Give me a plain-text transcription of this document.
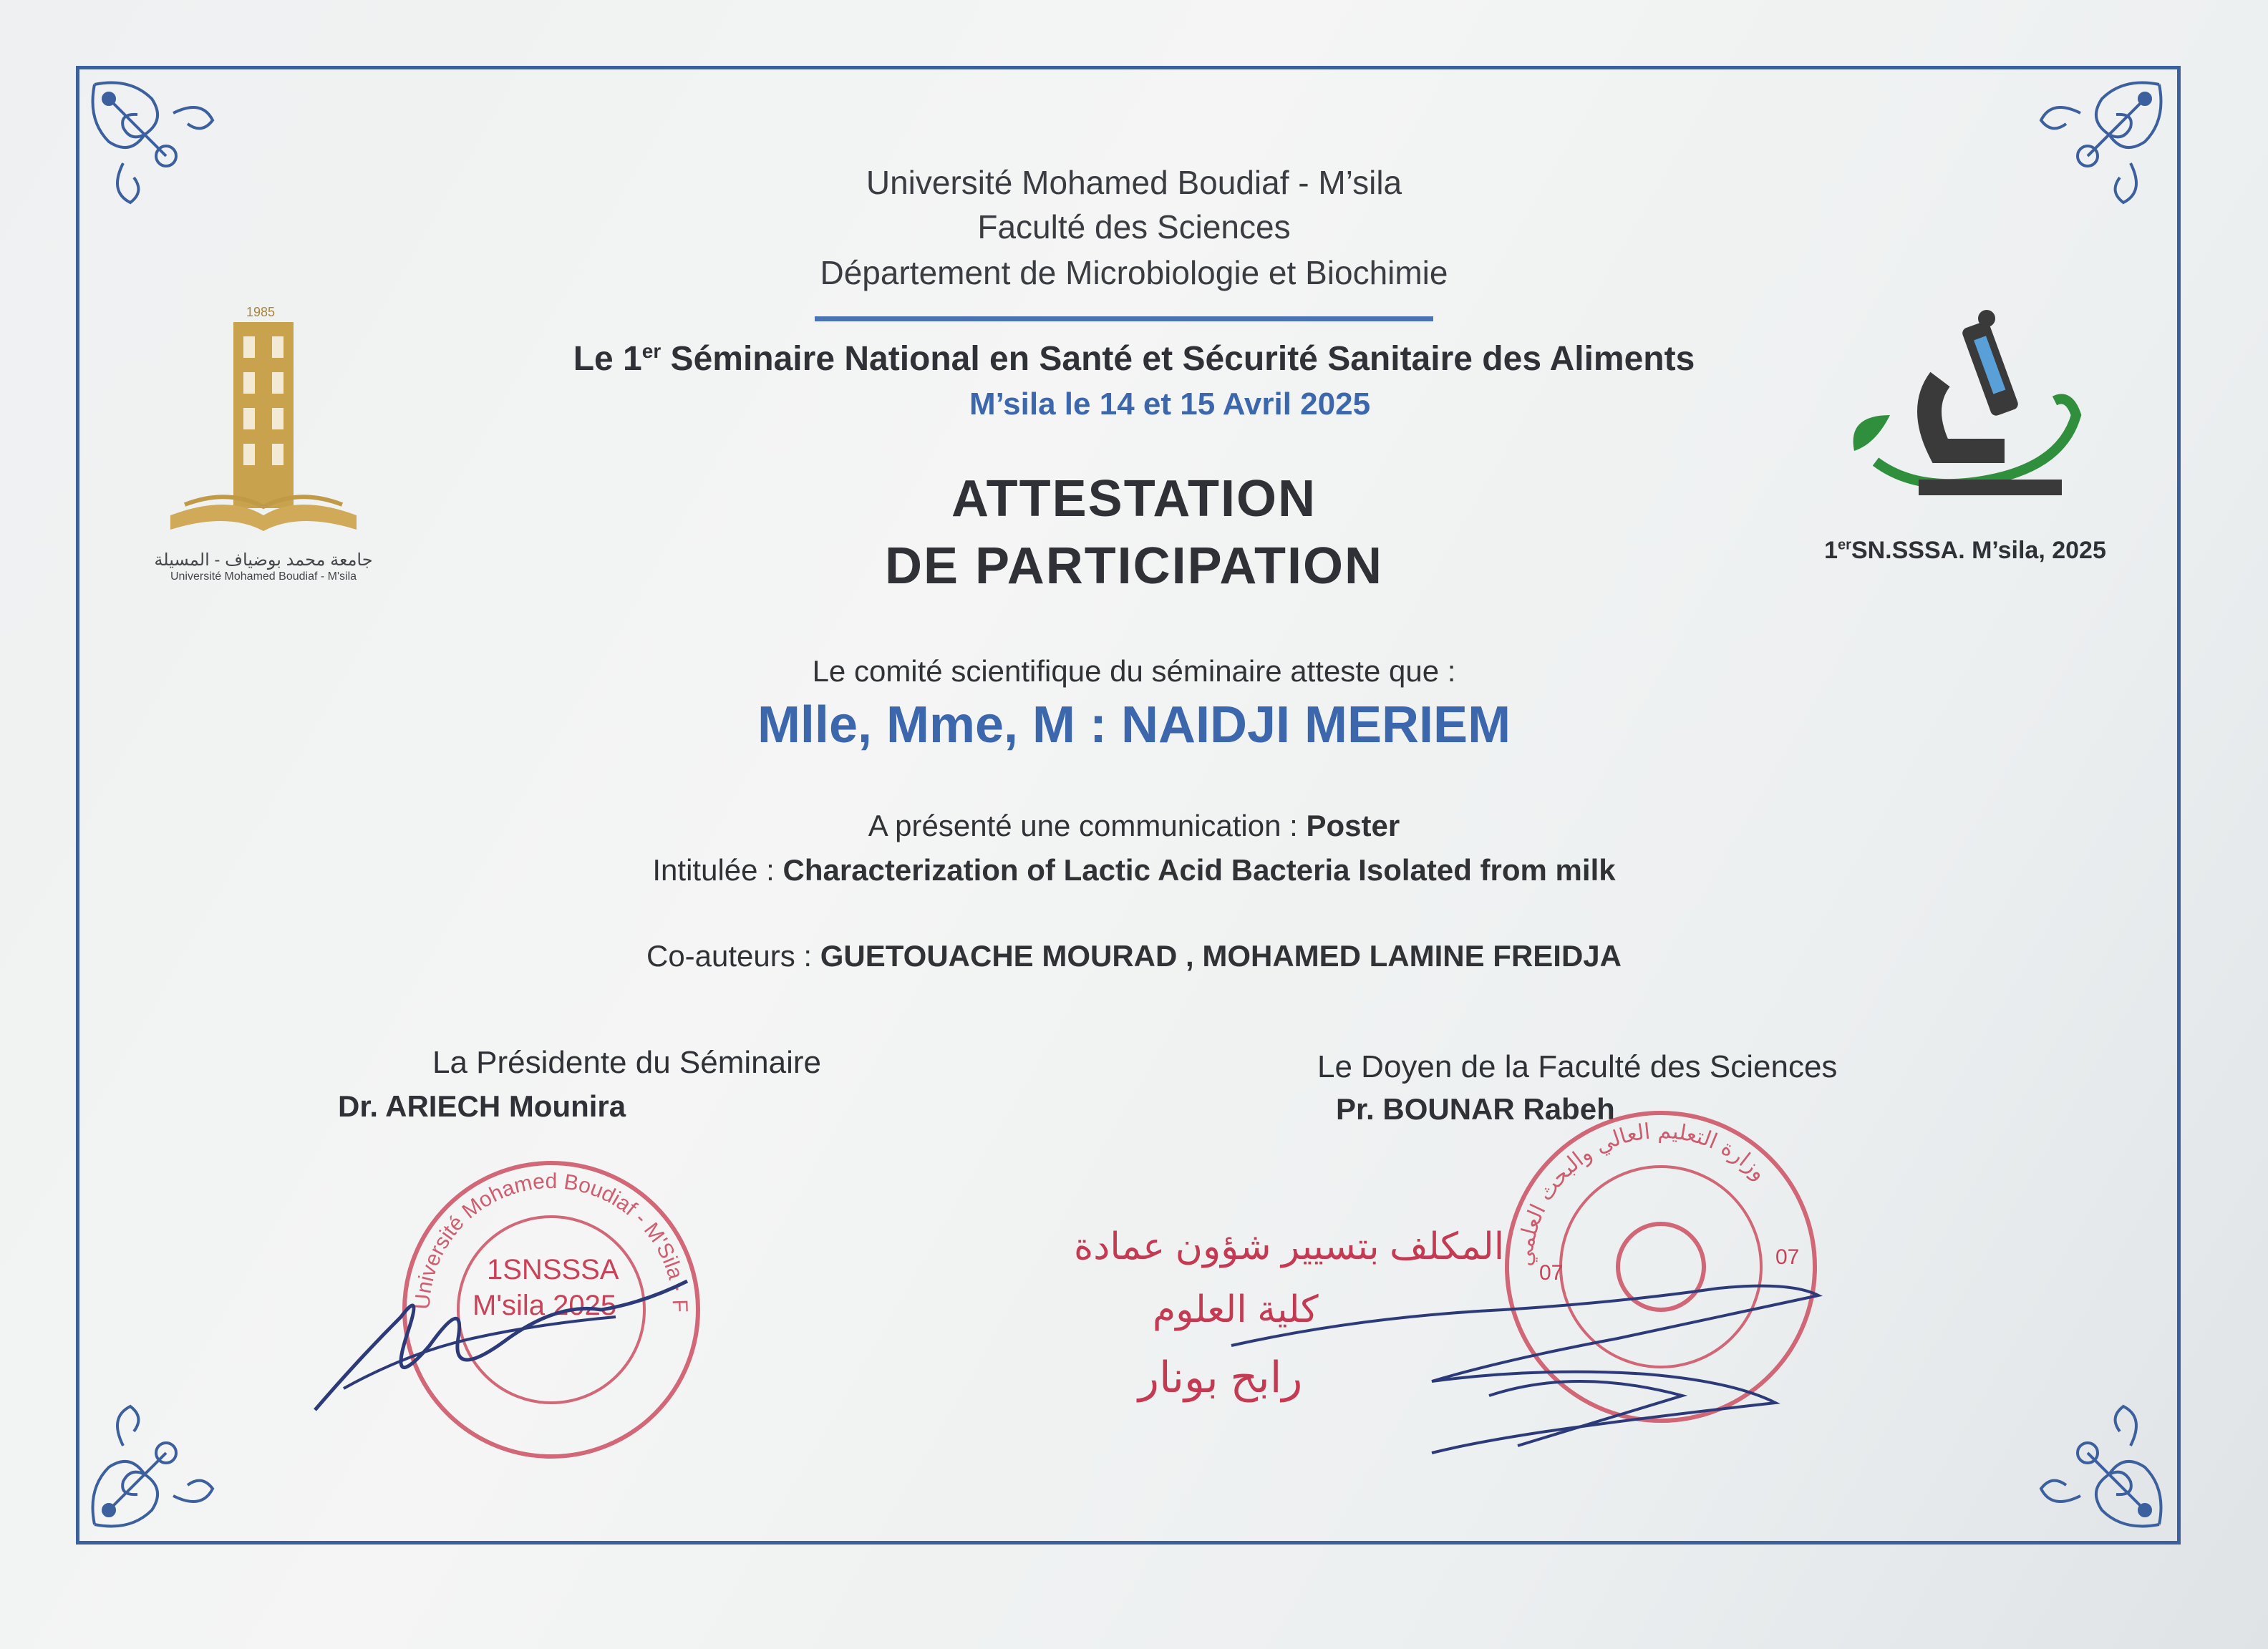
Université Mohamed Boudiaf - M’sila
Faculté des Sciences
Département de Microbiologie et Biochimie
Le 1er Séminaire National en Santé et Sécurité Sanitaire des Aliments
M’sila le 14 et 15 Avril 2025
1985
جامعة محمد بوضياف - المسيلة
Université Mohamed Boudiaf - M'sila
1erSN.SSSA. M’sila, 2025
ATTESTATION
DE PARTICIPATION
Le comité scientifique du séminaire atteste que :
Mlle, Mme, M : NAIDJI MERIEM
A présenté une communication : Poster
Intitulée : Characterization of Lactic Acid Bacteria Isolated from milk
Co-auteurs : GUETOUACHE MOURAD , MOHAMED LAMINE FREIDJA
La Présidente du Séminaire
Dr. ARIECH Mounira
Le Doyen de la Faculté des Sciences
Pr. BOUNAR Rabeh
Université Mohamed Boudiaf - M'Sila · F
1SNSSSA
M'sila 2025
وزارة التعليم العالي والبحث العلمي
07
07
المكلف بتسيير شؤون عمادة
كلية العلوم
رابح بونار
